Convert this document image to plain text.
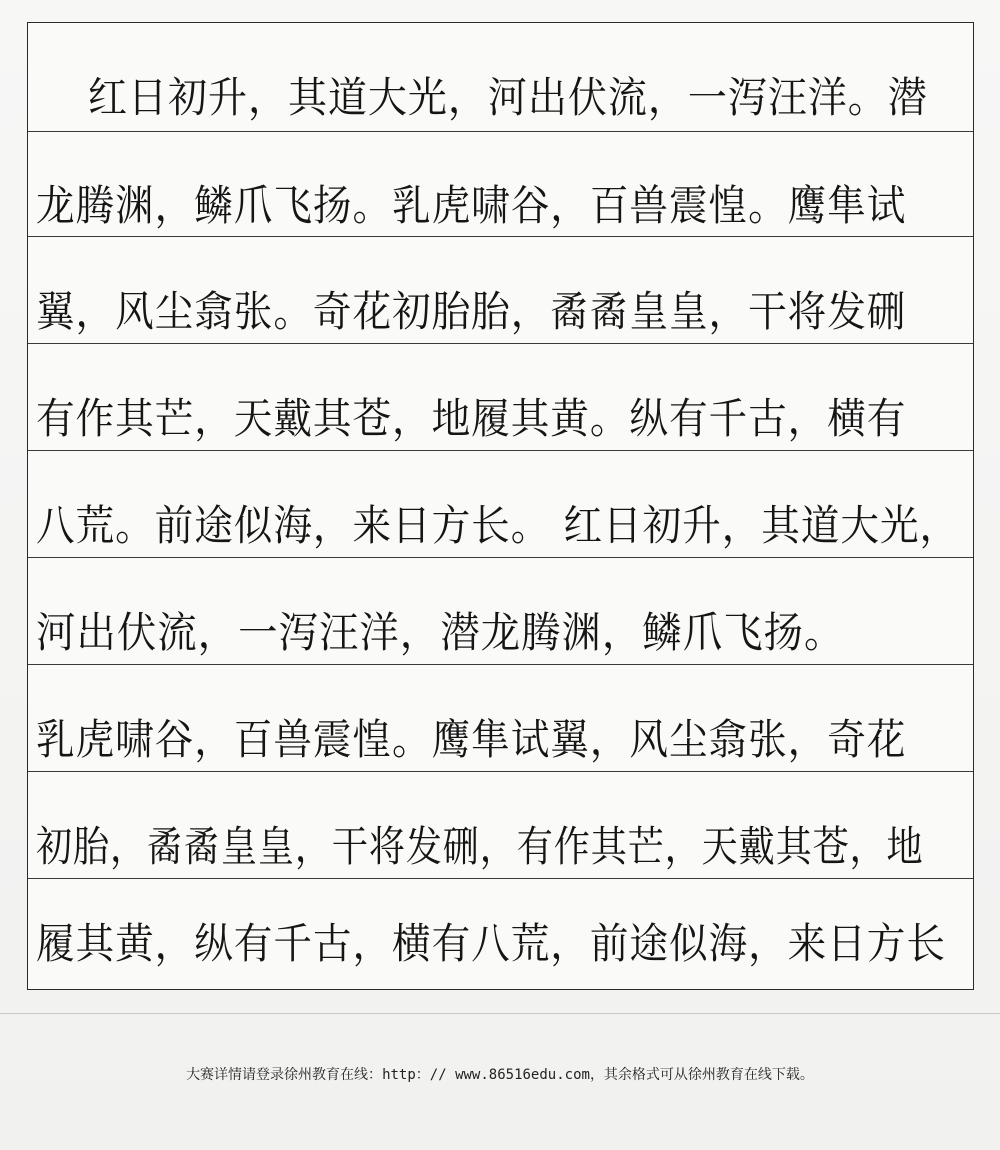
红日初升，其道大光，河出伏流，一泻汪洋。潜
龙腾渊，鳞爪飞扬。乳虎啸谷，百兽震惶。鹰隼试
翼，风尘翕张。奇花初胎胎，矞矞皇皇，干将发硎
有作其芒，天戴其苍，地履其黄。纵有千古，横有
八荒。前途似海，来日方长。 红日初升，其道大光，
河出伏流，一泻汪洋，潜龙腾渊，鳞爪飞扬。
乳虎啸谷，百兽震惶。鹰隼试翼，风尘翕张，奇花
初胎，矞矞皇皇，干将发硎，有作其芒，天戴其苍，地
履其黄，纵有千古，横有八荒，前途似海，来日方长
大赛详情请登录徐州教育在线：http：// www.86516edu.com，其余格式可从徐州教育在线下载。
